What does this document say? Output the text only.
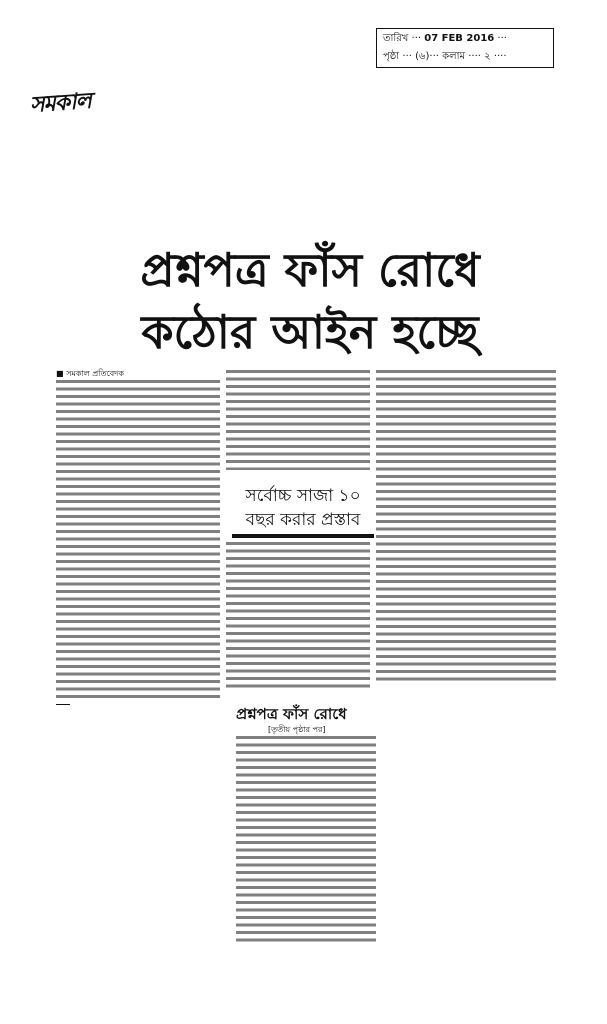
তারিখ ··· 07 FEB 2016 ···
পৃষ্ঠা ··· (৬)··· কলাম ···· ২ ····
সমকাল
প্রশ্নপত্র ফাঁস রোধে
কঠোর আইন হচ্ছে
■ সমকাল প্রতিবেদক
সর্বোচ্চ সাজা ১০
বছর করার প্রস্তাব
প্রশ্নপত্র ফাঁস রোধে
[তৃতীয় পৃষ্ঠার পর]
